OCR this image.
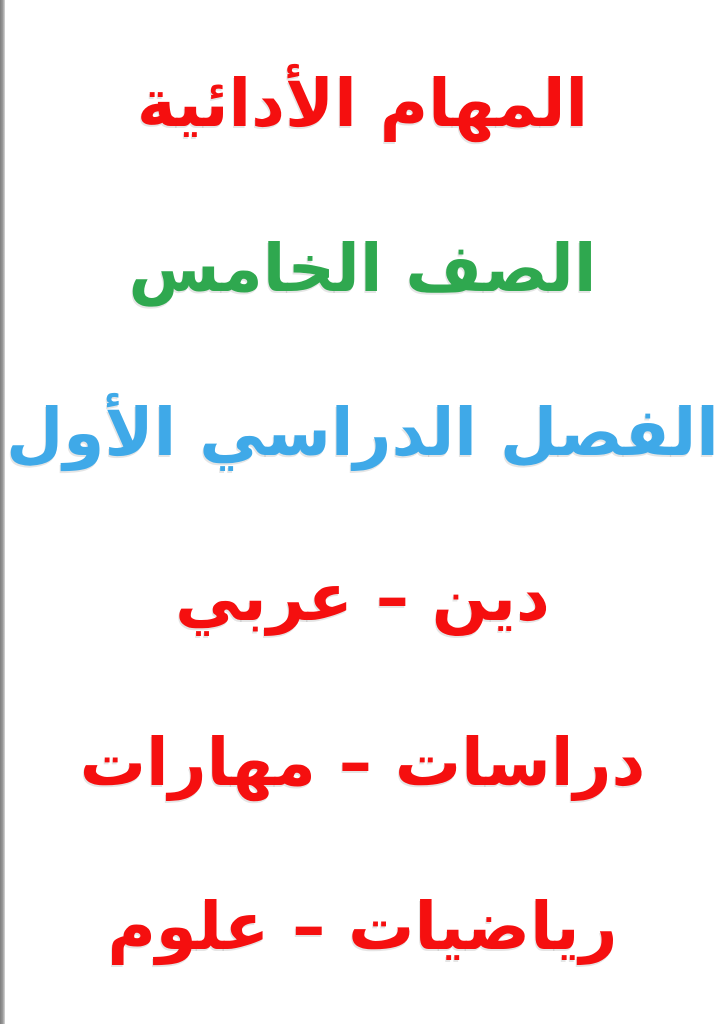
المهام الأدائية
الصف الخامس
الفصل الدراسي الأول
دين – عربي
دراسات – مهارات
رياضيات – علوم
